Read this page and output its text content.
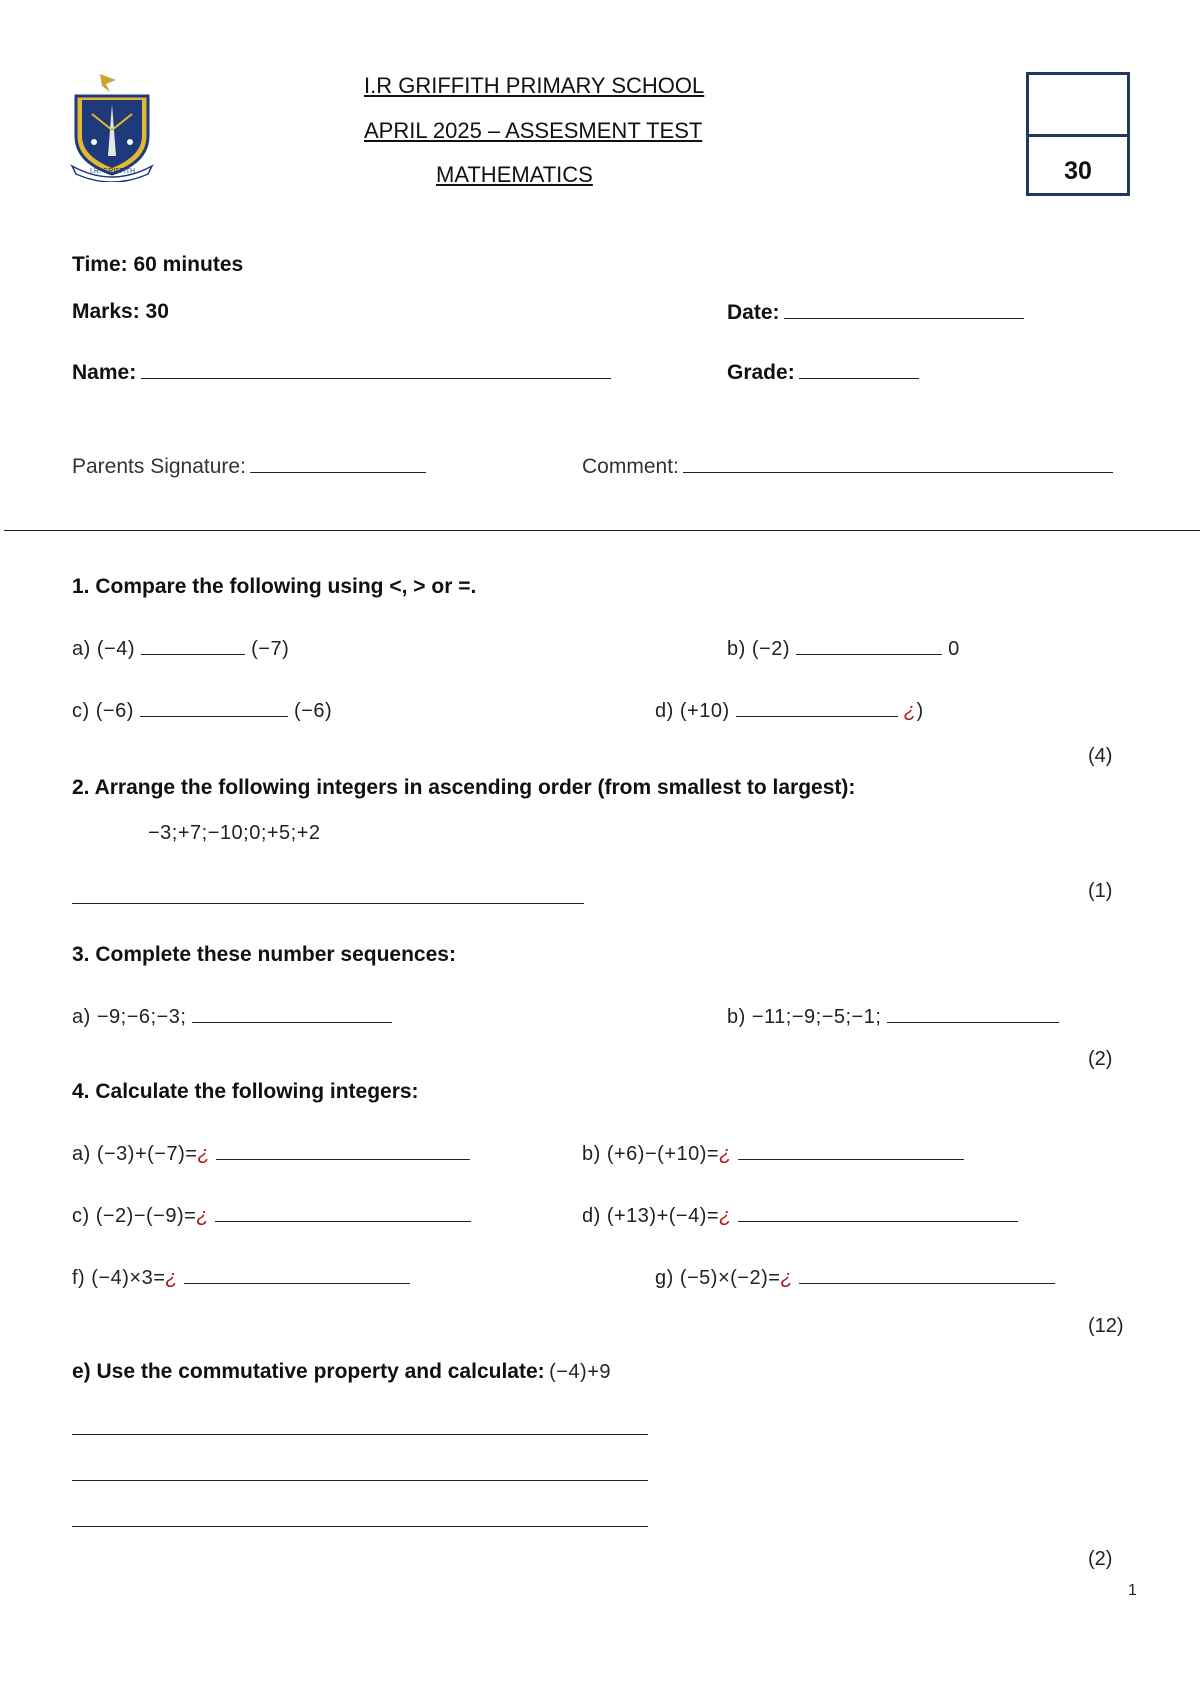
I.R. GRIFFITH
I.R GRIFFITH PRIMARY SCHOOL
APRIL 2025 – ASSESMENT TEST
MATHEMATICS	30
Time: 60 minutes
Marks: 30	Date:
Name:	Grade:
Parents Signature:	Comment:
1. Compare the following using <, > or =.
a) (−4)	(−7)	b) (−2)	0
c) (−6)	(−6)	d) (+10)	¿)
(4)
2. Arrange the following integers in ascending order (from smallest to largest):
−3;+7;−10;0;+5;+2
(1)
3. Complete these number sequences:
a) −9;−6;−3;	b) −11;−9;−5;−1;
(2)
4. Calculate the following integers:
a) (−3)+(−7)=¿	b) (+6)−(+10)=¿
c) (−2)−(−9)=¿	d) (+13)+(−4)=¿
f) (−4)×3=¿	g) (−5)×(−2)=¿
(12)
e) Use the commutative property and calculate: (−4)+9
(2)
1
